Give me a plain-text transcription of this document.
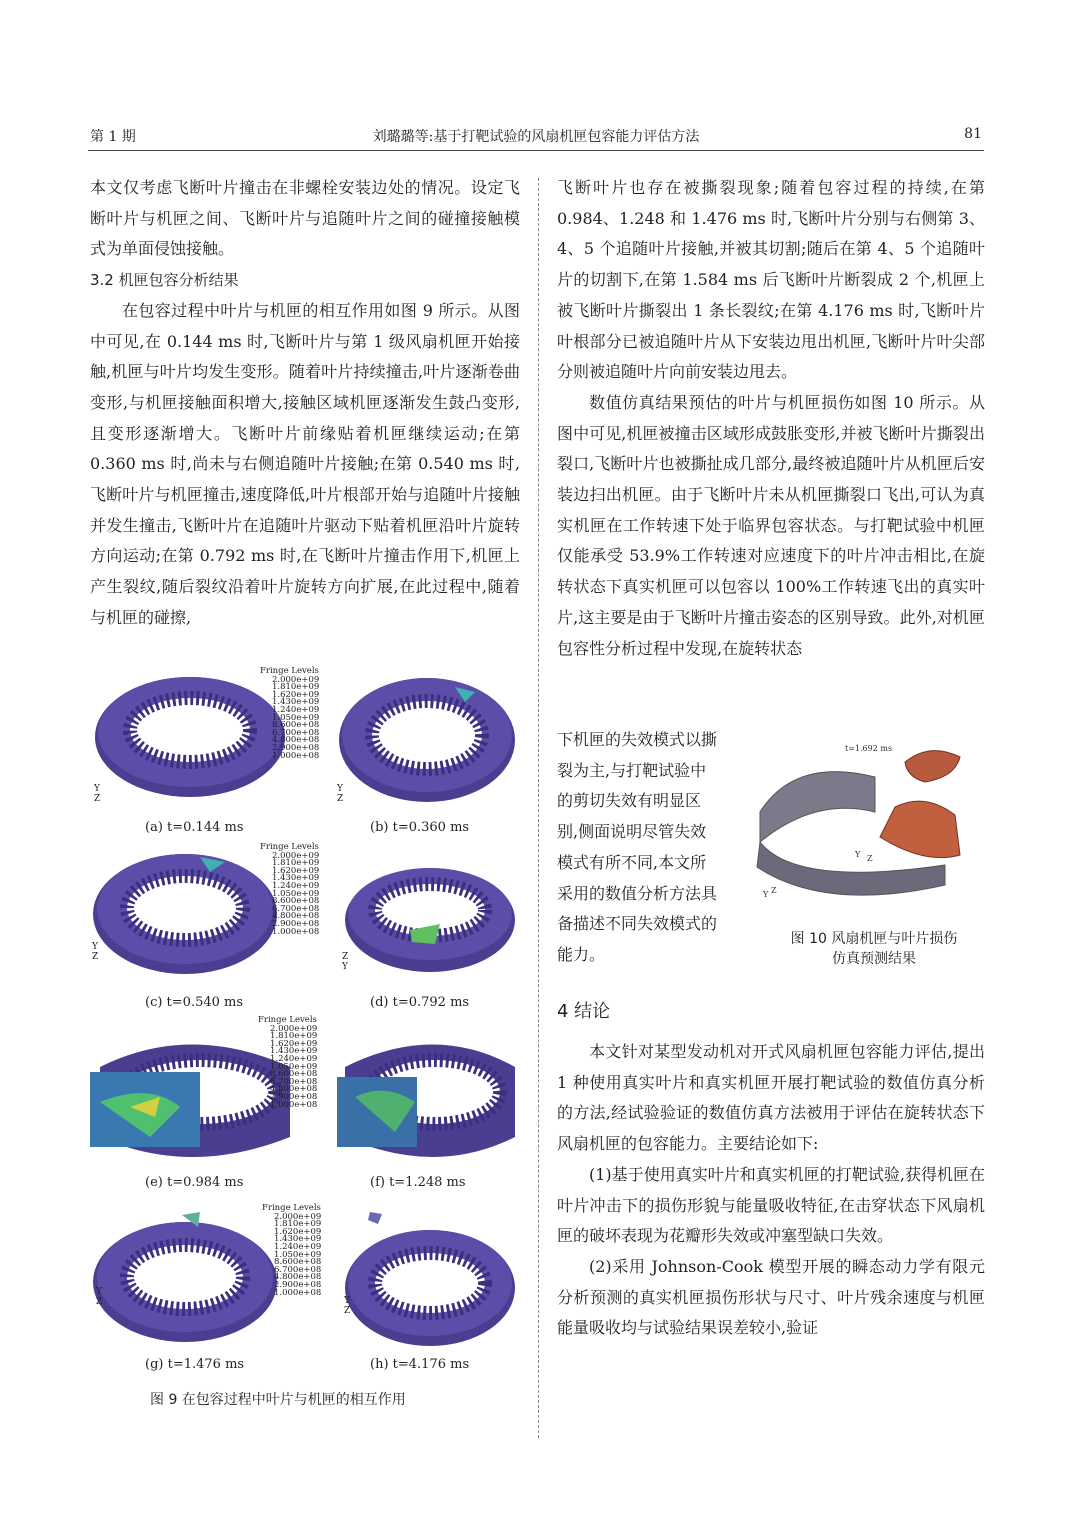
第 1 期	刘璐璐等:基于打靶试验的风扇机匣包容能力评估方法	81

本文仅考虑飞断叶片撞击在非螺栓安装边处的情况。设定飞断叶片与机匣之间、飞断叶片与追随叶片之间的碰撞接触模式为单面侵蚀接触。

3.2 机匣包容分析结果

在包容过程中叶片与机匣的相互作用如图 9 所示。从图中可见,在 0.144 ms 时,飞断叶片与第 1 级风扇机匣开始接触,机匣与叶片均发生变形。随着叶片持续撞击,叶片逐渐卷曲变形,与机匣接触面积增大,接触区域机匣逐渐发生鼓凸变形,且变形逐渐增大。飞断叶片前缘贴着机匣继续运动;在第 0.360 ms 时,尚未与右侧追随叶片接触;在第 0.540 ms 时,飞断叶片与机匣撞击,速度降低,叶片根部开始与追随叶片接触并发生撞击,飞断叶片在追随叶片驱动下贴着机匣沿叶片旋转方向运动;在第 0.792 ms 时,在飞断叶片撞击作用下,机匣上产生裂纹,随后裂纹沿着叶片旋转方向扩展,在此过程中,随着与机匣的碰擦,

飞断叶片也存在被撕裂现象;随着包容过程的持续,在第 0.984、1.248 和 1.476 ms 时,飞断叶片分别与右侧第 3、4、5 个追随叶片接触,并被其切割;随后在第 4、5 个追随叶片的切割下,在第 1.584 ms 后飞断叶片断裂成 2 个,机匣上被飞断叶片撕裂出 1 条长裂纹;在第 4.176 ms 时,飞断叶片叶根部分已被追随叶片从下安装边甩出机匣,飞断叶片叶尖部分则被追随叶片向前安装边甩去。

数值仿真结果预估的叶片与机匣损伤如图 10 所示。从图中可见,机匣被撞击区域形成鼓胀变形,并被飞断叶片撕裂出裂口,飞断叶片也被撕扯成几部分,最终被追随叶片从机匣后安装边扫出机匣。由于飞断叶片未从机匣撕裂口飞出,可认为真实机匣在工作转速下处于临界包容状态。与打靶试验中机匣仅能承受 53.9%工作转速对应速度下的叶片冲击相比,在旋转状态下真实机匣可以包容以 100%工作转速飞出的真实叶片,这主要是由于飞断叶片撞击姿态的区别导致。此外,对机匣包容性分析过程中发现,在旋转状态

下机匣的失效模式以撕
裂为主,与打靶试验中
的剪切失效有明显区
别,侧面说明尽管失效
模式有所不同,本文所
采用的数值分析方法具
备描述不同失效模式的
能力。
t=1.692 ms
Y Z
Y Z
图 10 风扇机匣与叶片损伤
仿真预测结果
4 结论

本文针对某型发动机对开式风扇机匣包容能力评估,提出 1 种使用真实叶片和真实机匣开展打靶试验的数值仿真分析的方法,经试验验证的数值仿真方法被用于评估在旋转状态下风扇机匣的包容能力。主要结论如下:

(1)基于使用真实叶片和真实机匣的打靶试验,获得机匣在叶片冲击下的损伤形貌与能量吸收特征,在击穿状态下风扇机匣的破坏表现为花瓣形失效或冲塞型缺口失效。

(2)采用 Johnson-Cook 模型开展的瞬态动力学有限元分析预测的真实机匣损伤形状与尺寸、叶片残余速度与机匣能量吸收均与试验结果误差较小,验证

Y
Z
Fringe Levels
2.000e+09
1.810e+09
1.620e+09
1.430e+09
1.240e+09
1.050e+09
8.600e+08
6.700e+08
4.800e+08
2.900e+08
1.000e+08
Y
Z
(a) t=0.144 ms	(b) t=0.360 ms
Y
Z
Fringe Levels
2.000e+09
1.810e+09
1.620e+09
1.430e+09
1.240e+09
1.050e+09
8.600e+08
6.700e+08
4.800e+08
2.900e+08
1.000e+08
Z
Y
(c) t=0.540 ms	(d) t=0.792 ms
Fringe Levels
2.000e+09
1.810e+09
1.620e+09
1.430e+09
1.240e+09
1.050e+09
8.600e+08
6.700e+08
4.800e+08
2.900e+08
1.000e+08
(e) t=0.984 ms	(f) t=1.248 ms
Y
Z
Fringe Levels
2.000e+09
1.810e+09
1.620e+09
1.430e+09
1.240e+09
1.050e+09
8.600e+08
6.700e+08
4.800e+08
2.900e+08
1.000e+08
Y
Z
(g) t=1.476 ms	(h) t=4.176 ms
图 9 在包容过程中叶片与机匣的相互作用
